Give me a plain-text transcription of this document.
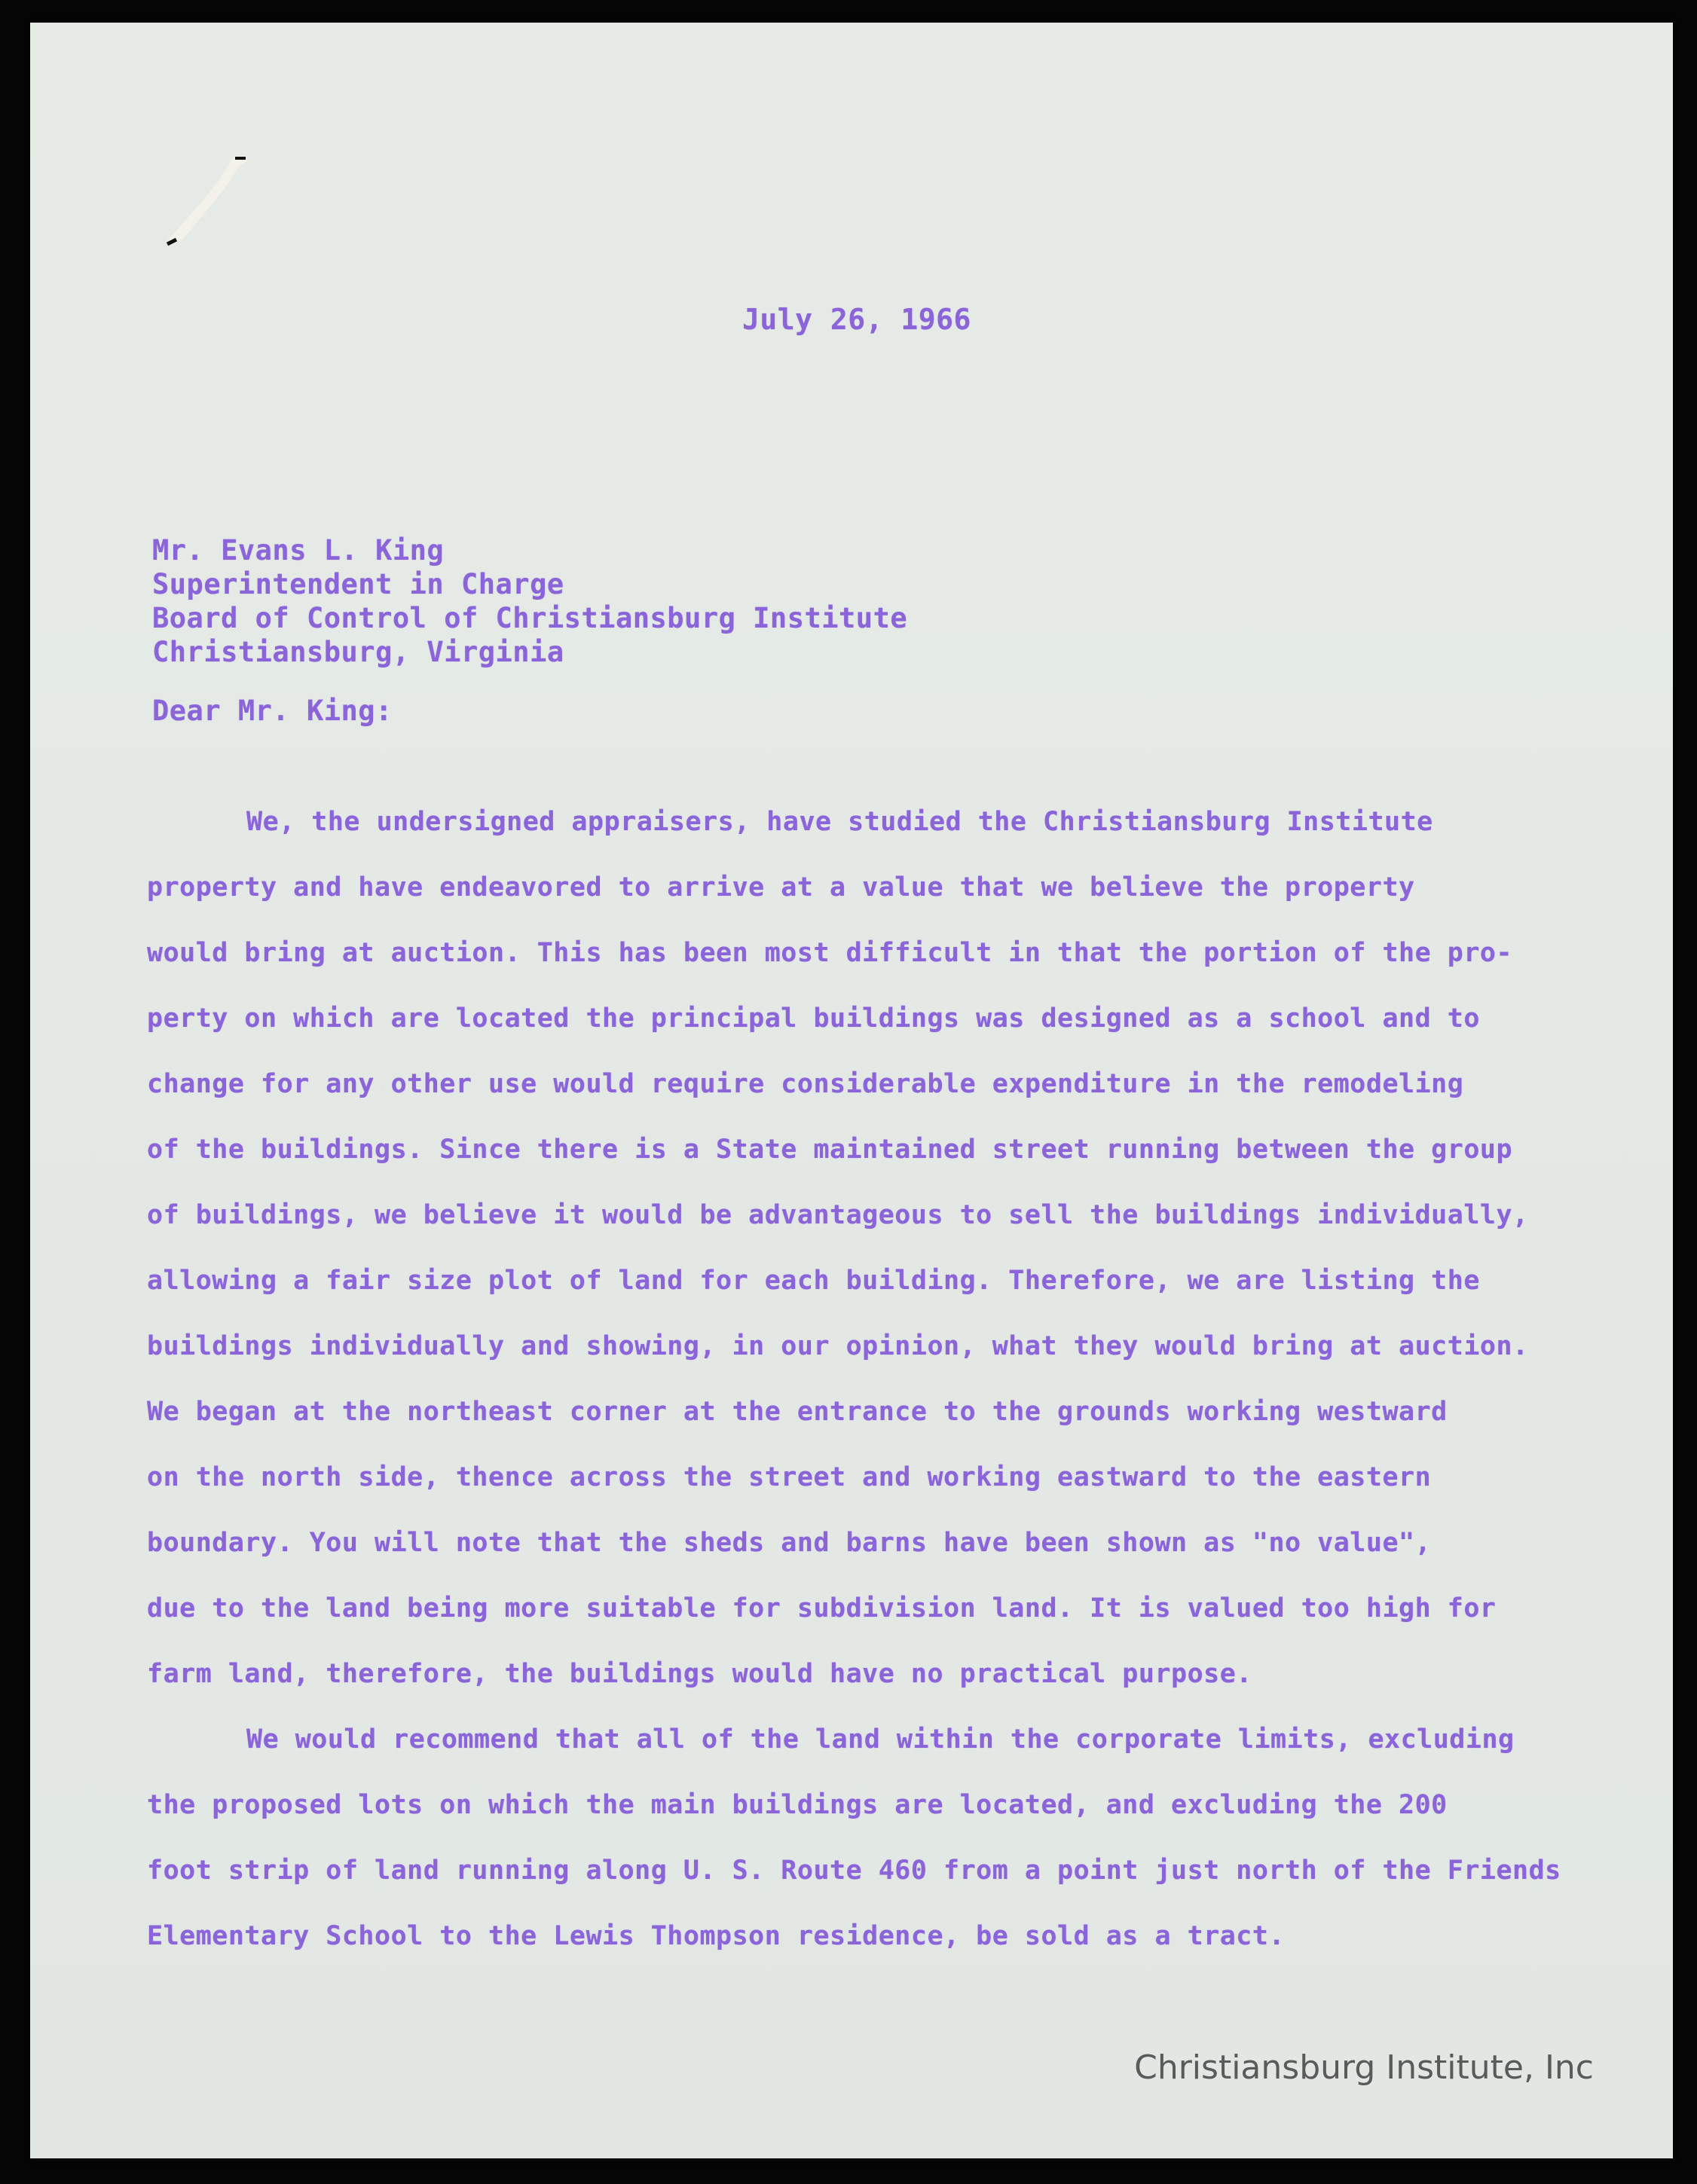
July 26, 1966
Mr. Evans L. King
Superintendent in Charge
Board of Control of Christiansburg Institute
Christiansburg, Virginia
Dear Mr. King:
We, the undersigned appraisers, have studied the Christiansburg Institute
property and have endeavored to arrive at a value that we believe the property
would bring at auction. This has been most difficult in that the portion of the pro-
perty on which are located the principal buildings was designed as a school and to
change for any other use would require considerable expenditure in the remodeling
of the buildings. Since there is a State maintained street running between the group
of buildings, we believe it would be advantageous to sell the buildings individually,
allowing a fair size plot of land for each building. Therefore, we are listing the
buildings individually and showing, in our opinion, what they would bring at auction.
We began at the northeast corner at the entrance to the grounds working westward
on the north side, thence across the street and working eastward to the eastern
boundary. You will note that the sheds and barns have been shown as "no value",
due to the land being more suitable for subdivision land. It is valued too high for
farm land, therefore, the buildings would have no practical purpose.
We would recommend that all of the land within the corporate limits, excluding
the proposed lots on which the main buildings are located, and excluding the 200
foot strip of land running along U. S. Route 460 from a point just north of the Friends
Elementary School to the Lewis Thompson residence, be sold as a tract.
Christiansburg Institute, Inc
